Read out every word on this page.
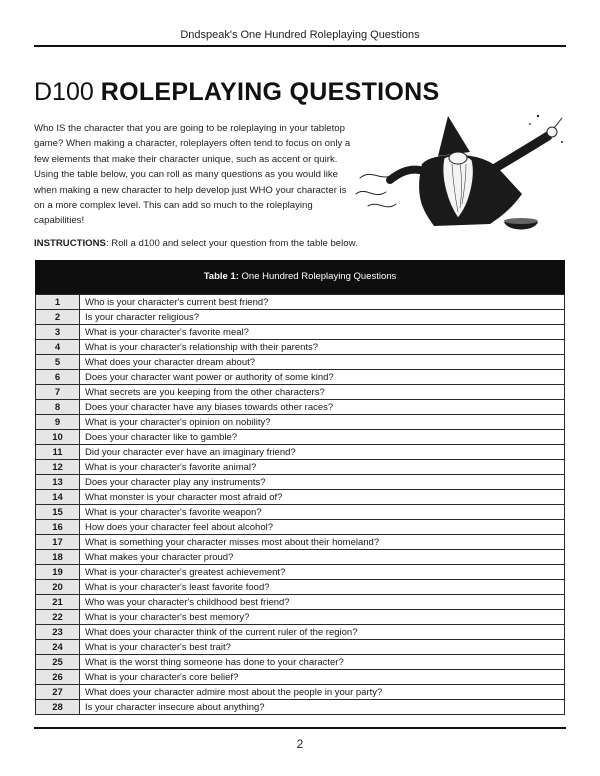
Dndspeak's One Hundred Roleplaying Questions
D100 ROLEPLAYING QUESTIONS

Who IS the character that you are going to be roleplaying in your tabletop game? When making a character, roleplayers often tend to focus on only a few elements that make their character unique, such as accent or quirk. Using the table below, you can roll as many questions as you would like when making a new character to help develop just WHO your character is on a more complex level. This can add so much to the roleplaying capabilities!

INSTRUCTIONS: Roll a d100 and select your question from the table below.
Table 1: One Hundred Roleplaying Questions
1	Who is your character's current best friend?
2	Is your character religious?
3	What is your character's favorite meal?
4	What is your character's relationship with their parents?
5	What does your character dream about?
6	Does your character want power or authority of some kind?
7	What secrets are you keeping from the other characters?
8	Does your character have any biases towards other races?
9	What is your character's opinion on nobility?
10	Does your character like to gamble?
11	Did your character ever have an imaginary friend?
12	What is your character's favorite animal?
13	Does your character play any instruments?
14	What monster is your character most afraid of?
15	What is your character's favorite weapon?
16	How does your character feel about alcohol?
17	What is something your character misses most about their homeland?
18	What makes your character proud?
19	What is your character's greatest achievement?
20	What is your character's least favorite food?
21	Who was your character's childhood best friend?
22	What is your character's best memory?
23	What does your character think of the current ruler of the region?
24	What is your character's best trait?
25	What is the worst thing someone has done to your character?
26	What is your character's core belief?
27	What does your character admire most about the people in your party?
28	Is your character insecure about anything?
2
